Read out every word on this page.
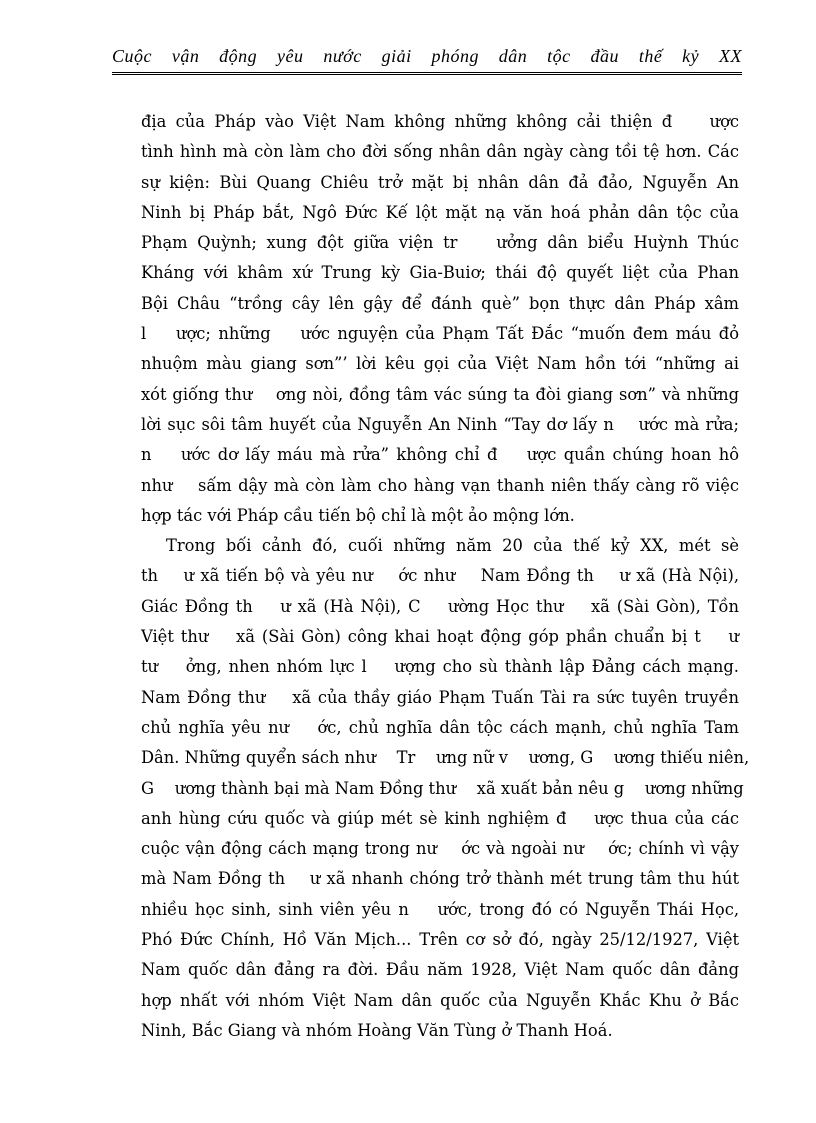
Cuộc vận động yêu nước giải phóng dân tộc đầu thế kỷ XX
địa của Pháp vào Việt Nam không những không cải thiện đ    ược
tình hình mà còn làm cho đời sống nhân dân ngày càng tồi tệ hơn. Các
sự kiện: Bùi Quang Chiêu trở mặt bị nhân dân đả đảo, Nguyễn An
Ninh bị Pháp bắt, Ngô Đức Kế lột mặt nạ văn hoá phản dân tộc của
Phạm Quỳnh; xung đột giữa viện tr    ưởng dân biểu Huỳnh Thúc
Kháng với khâm xứ Trung kỳ Gia-Buiơ; thái độ quyết liệt của Phan
Bội Châu “trồng cây lên gậy để đánh què” bọn thực dân Pháp xâm
l    ược; những    ước nguyện của Phạm Tất Đắc “muốn đem máu đỏ
nhuộm màu giang sơn”’ lời kêu gọi của Việt Nam hồn tới “những ai
xót giống thư    ơng nòi, đồng tâm vác súng ta đòi giang sơn” và những
lời sục sôi tâm huyết của Nguyễn An Ninh “Tay dơ lấy n    ước mà rửa;
n    ước dơ lấy máu mà rửa” không chỉ đ    ược quần chúng hoan hô
như    sấm dậy mà còn làm cho hàng vạn thanh niên thấy càng rõ việc
hợp tác với Pháp cầu tiến bộ chỉ là một ảo mộng lớn.
Trong bối cảnh đó, cuối những năm 20 của thế kỷ XX, mét sè
th    ư xã tiến bộ và yêu nư    ớc như    Nam Đồng th    ư xã (Hà Nội),
Giác Đồng th    ư xã (Hà Nội), C    ường Học thư    xã (Sài Gòn), Tồn
Việt thư    xã (Sài Gòn) công khai hoạt động góp phần chuẩn bị t    ư
tư    ởng, nhen nhóm lực l    ượng cho sù thành lập Đảng cách mạng.
Nam Đồng thư    xã của thầy giáo Phạm Tuấn Tài ra sức tuyên truyền
chủ nghĩa yêu nư    ớc, chủ nghĩa dân tộc cách mạnh, chủ nghĩa Tam
Dân. Những quyển sách như    Tr    ưng nữ v    ương, G    ương thiếu niên,
G    ương thành bại mà Nam Đồng thư    xã xuất bản nêu g    ương những
anh hùng cứu quốc và giúp mét sè kinh nghiệm đ    ược thua của các
cuộc vận động cách mạng trong nư    ớc và ngoài nư    ớc; chính vì vậy
mà Nam Đồng th    ư xã nhanh chóng trở thành mét trung tâm thu hút
nhiều học sinh, sinh viên yêu n    ước, trong đó có Nguyễn Thái Học,
Phó Đức Chính, Hồ Văn Mịch... Trên cơ sở đó, ngày 25/12/1927, Việt
Nam quốc dân đảng ra đời. Đầu năm 1928, Việt Nam quốc dân đảng
hợp nhất với nhóm Việt Nam dân quốc của Nguyễn Khắc Khu ở Bắc
Ninh, Bắc Giang và nhóm Hoàng Văn Tùng ở Thanh Hoá.
